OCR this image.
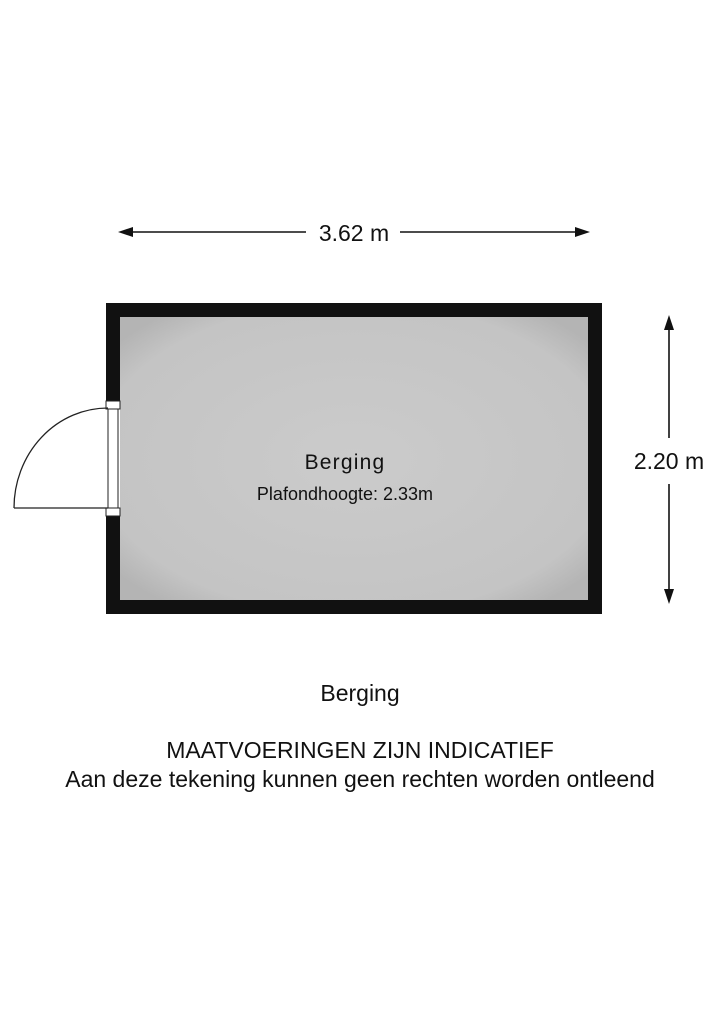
3.62 m
2.20 m
Berging
Plafondhoogte: 2.33m
Berging
MAATVOERINGEN ZIJN INDICATIEF
Aan deze tekening kunnen geen rechten worden ontleend
